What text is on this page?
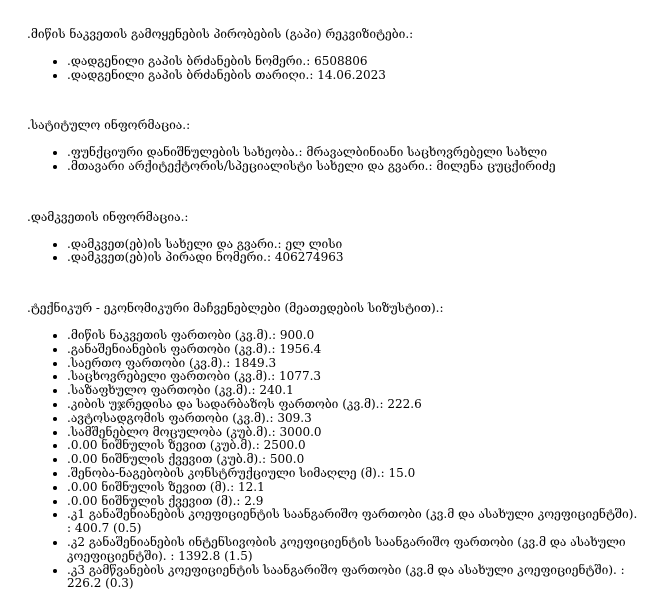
.მიწის ნაკვეთის გამოყენების პირობების (გაპი) რეკვიზიტები.:

• .დადგენილი გაპის ბრძანების ნომერი.: 6508806
• .დადგენილი გაპის ბრძანების თარიღი.: 14.06.2023

.სატიტულო ინფორმაცია.:

• .ფუნქციური დანიშნულების სახეობა.: მრავალბინიანი საცხოვრებელი სახლი
• .მთავარი არქიტექტორის/სპეციალისტი სახელი და გვარი.: მილენა ცუცქირიძე

.დამკვეთის ინფორმაცია.:

• .დამკვეთ(ებ)ის სახელი და გვარი.: ელ ლისი
• .დამკვეთ(ებ)ის პირადი ნომერი.: 406274963

.ტექნიკურ - ეკონომიკური მაჩვენებლები (მეათედების სიზუსტით).:

• .მიწის ნაკვეთის ფართობი (კვ.მ).: 900.0
• .განაშენიანების ფართობი (კვ.მ).: 1956.4
• .საერთო ფართობი (კვ.მ).: 1849.3
• .საცხოვრებელი ფართობი (კვ.მ).: 1077.3
• .საზაფხულო ფართობი (კვ.მ).: 240.1
• .კიბის უჯრედისა და სადარბაზოს ფართობი (კვ.მ).: 222.6
• .ავტოსადგომის ფართობი (კვ.მ).: 309.3
• .სამშენებლო მოცულობა (კუბ.მ).: 3000.0
• .0.00 ნიშნულის ზევით (კუბ.მ).: 2500.0
• .0.00 ნიშნულის ქვევით (კუბ.მ).: 500.0
• .შენობა-ნაგებობის კონსტრუქციული სიმაღლე (მ).: 15.0
• .0.00 ნიშნულის ზევით (მ).: 12.1
• .0.00 ნიშნულის ქვევით (მ).: 2.9
• .კ1 განაშენიანების კოეფიციენტის საანგარიშო ფართობი (კვ.მ და ასახული კოეფიციენტში). : 400.7 (0.5)
• .კ2 განაშენიანების ინტენსივობის კოეფიციენტის საანგარიშო ფართობი (კვ.მ და ასახული კოეფიციენტში). : 1392.8 (1.5)
• .კ3 გამწვანების კოეფიციენტის საანგარიშო ფართობი (კვ.მ და ასახული კოეფიციენტში). : 226.2 (0.3)
